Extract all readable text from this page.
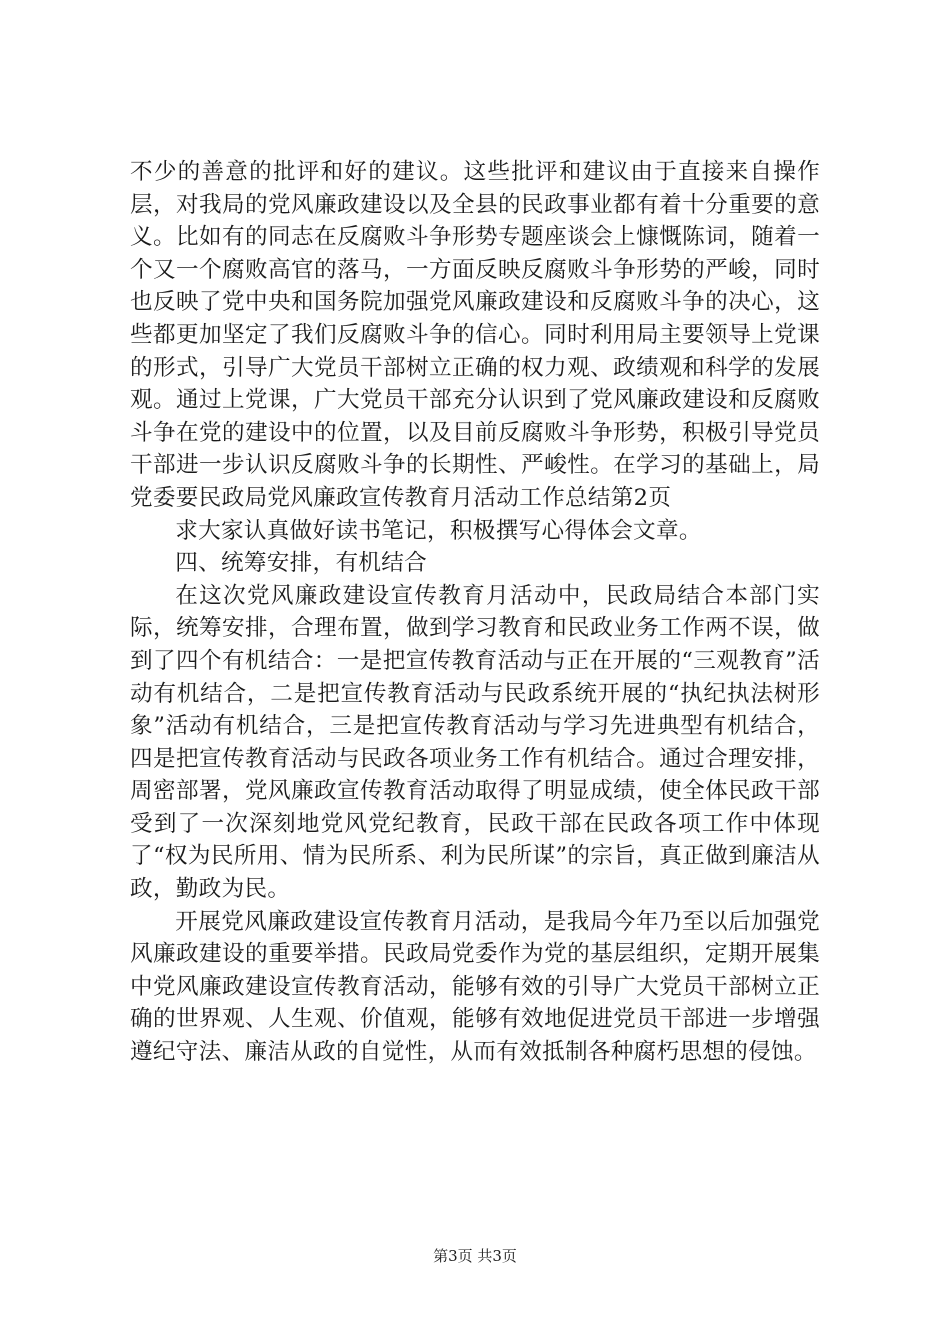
不少的善意的批评和好的建议。这些批评和建议由于直接来自操作层，对我局的党风廉政建设以及全县的民政事业都有着十分重要的意义。比如有的同志在反腐败斗争形势专题座谈会上慷慨陈词，随着一个又一个腐败高官的落马，一方面反映反腐败斗争形势的严峻，同时也反映了党中央和国务院加强党风廉政建设和反腐败斗争的决心，这些都更加坚定了我们反腐败斗争的信心。同时利用局主要领导上党课的形式，引导广大党员干部树立正确的权力观、政绩观和科学的发展观。通过上党课，广大党员干部充分认识到了党风廉政建设和反腐败斗争在党的建设中的位置，以及目前反腐败斗争形势，积极引导党员干部进一步认识反腐败斗争的长期性、严峻性。在学习的基础上，局党委要民政局党风廉政宣传教育月活动工作总结第2页

求大家认真做好读书笔记，积极撰写心得体会文章。

四、统筹安排，有机结合

在这次党风廉政建设宣传教育月活动中，民政局结合本部门实际，统筹安排，合理布置，做到学习教育和民政业务工作两不误，做到了四个有机结合：一是把宣传教育活动与正在开展的“三观教育”活动有机结合，二是把宣传教育活动与民政系统开展的“执纪执法树形象”活动有机结合，三是把宣传教育活动与学习先进典型有机结合，四是把宣传教育活动与民政各项业务工作有机结合。通过合理安排，周密部署，党风廉政宣传教育活动取得了明显成绩，使全体民政干部受到了一次深刻地党风党纪教育，民政干部在民政各项工作中体现了“权为民所用、情为民所系、利为民所谋”的宗旨，真正做到廉洁从政，勤政为民。

开展党风廉政建设宣传教育月活动，是我局今年乃至以后加强党风廉政建设的重要举措。民政局党委作为党的基层组织，定期开展集中党风廉政建设宣传教育活动，能够有效的引导广大党员干部树立正确的世界观、人生观、价值观，能够有效地促进党员干部进一步增强遵纪守法、廉洁从政的自觉性，从而有效抵制各种腐朽思想的侵蚀。

第3页 共3页
